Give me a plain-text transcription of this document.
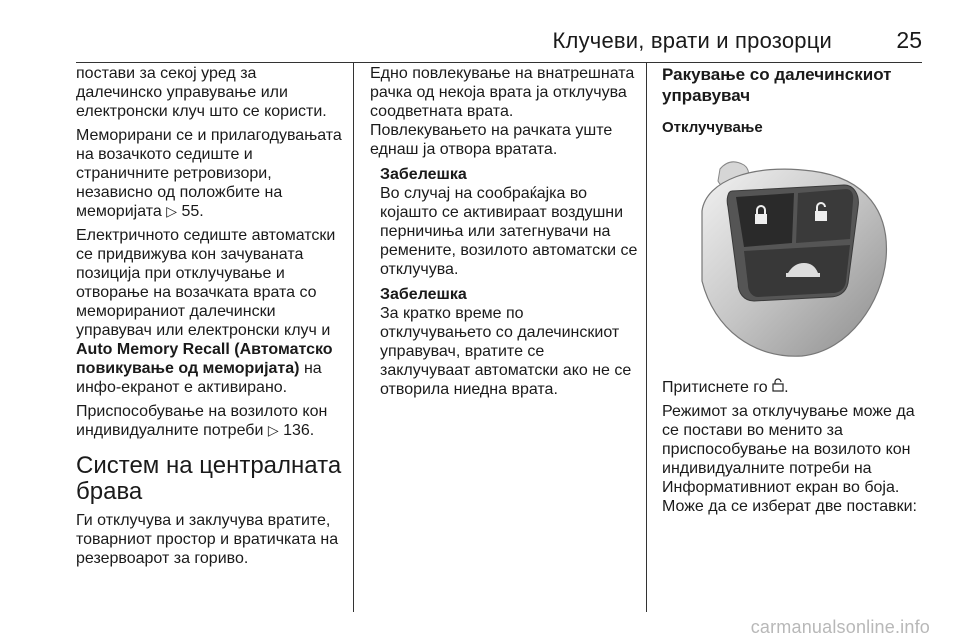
Клучеви, врати и прозорци	25

постави за секој уред за далечинско управување или електронски клуч што се користи.

Меморирани се и прилагодувањата на возачкото седиште и страничните ретровизори, независно од положбите на меморијата ▷ 55.

Електричното седиште автоматски се придвижува кон зачуваната позиција при отклучување и отворање на возачката врата со меморираниот далечински управувач или електронски клуч и Auto Memory Recall (Автоматско повикување од меморијата) на инфо-екранот е активирано.

Приспособување на возилото кон индивидуалните потреби ▷ 136.

Систем на централната брава

Ги отклучува и заклучува вратите, товарниот простор и вратичката на резервоарот за гориво.

Едно повлекување на внатрешната рачка од некоја врата ја отклучува соодветната врата.

Повлекувањето на рачката уште еднаш ја отвора вратата.

Забелешка

Во случај на сообраќајка во којашто се активираат воздушни перничиња или затегнувачи на ремените, возилото автоматски се отклучува.

Забелешка

За кратко време по отклучувањето со далечинскиот управувач, вратите се заклучуваат автоматски ако не се отворила ниедна врата.

Ракување со далечинскиот управувач
Отклучување

Притиснете го .

Режимот за отклучување може да се постави во менито за приспособување на возилото кон индивидуалните потреби на Информативниот екран во боја. Може да се изберат две поставки:

carmanualsonline.info
